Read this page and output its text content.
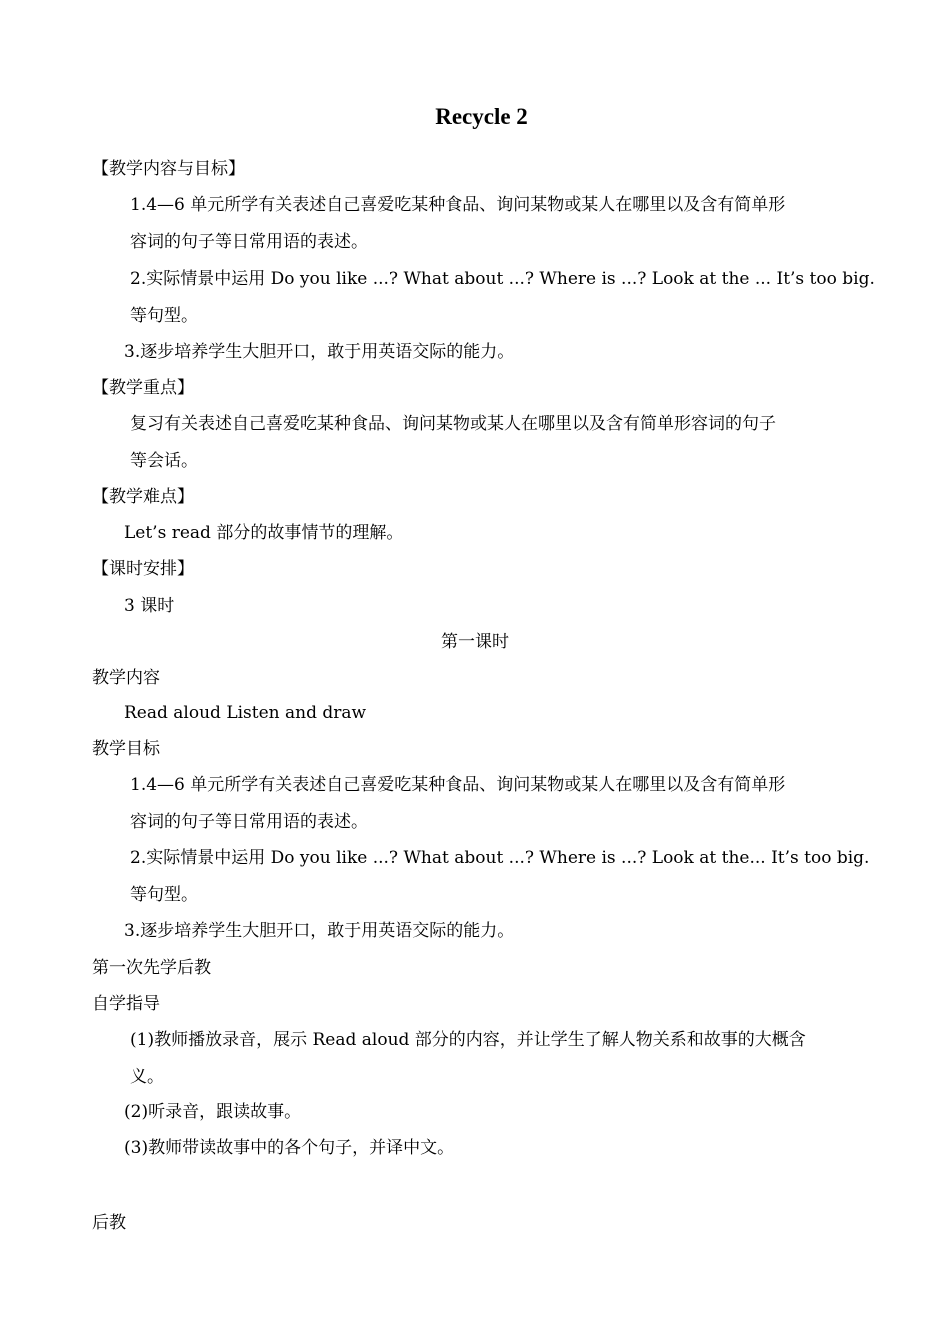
Recycle 2
【教学内容与目标】
1.4—6 单元所学有关表述自己喜爱吃某种食品、询问某物或某人在哪里以及含有简单形
容词的句子等日常用语的表述。
2.实际情景中运用 Do you like ...? What about ...? Where is ...? Look at the ... It’s too big.
等句型。
3.逐步培养学生大胆开口，敢于用英语交际的能力。
【教学重点】
复习有关表述自己喜爱吃某种食品、询问某物或某人在哪里以及含有简单形容词的句子
等会话。
【教学难点】
Let’s read 部分的故事情节的理解。
【课时安排】
3 课时
第一课时
教学内容
Read aloud Listen and draw
教学目标
1.4—6 单元所学有关表述自己喜爱吃某种食品、询问某物或某人在哪里以及含有简单形
容词的句子等日常用语的表述。
2.实际情景中运用 Do you like ...? What about ...? Where is ...? Look at the... It’s too big.
等句型。
3.逐步培养学生大胆开口，敢于用英语交际的能力。
第一次先学后教
自学指导
(1)教师播放录音，展示 Read aloud 部分的内容，并让学生了解人物关系和故事的大概含
义。
(2)听录音，跟读故事。
(3)教师带读故事中的各个句子，并译中文。
后教
